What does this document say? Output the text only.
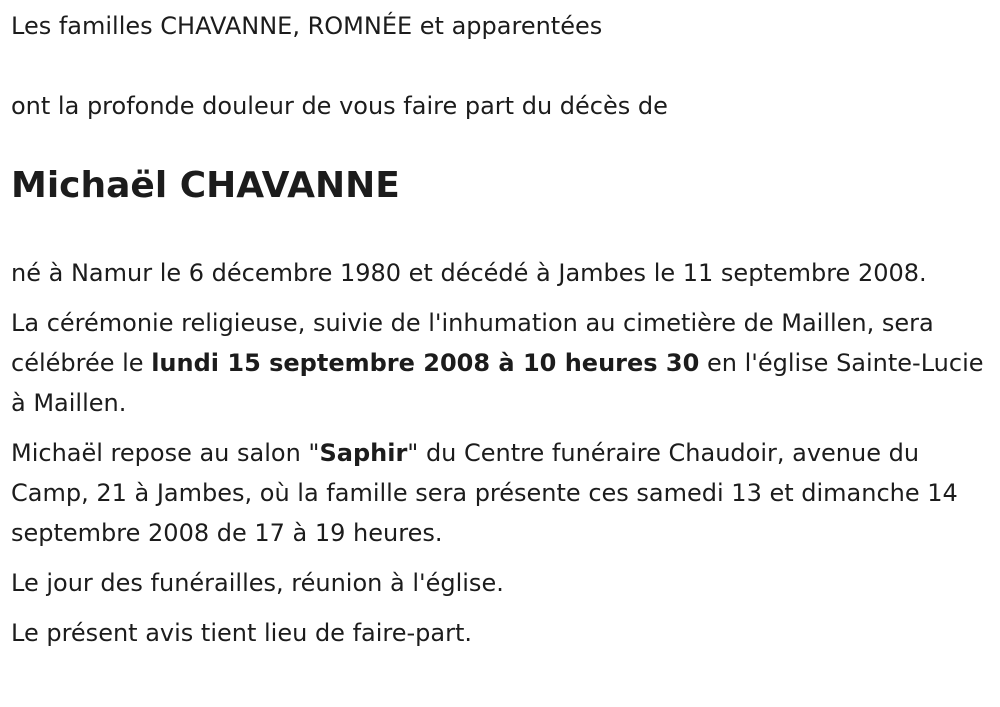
Les familles CHAVANNE, ROMNÉE et apparentées

ont la profonde douleur de vous faire part du décès de

Michaël CHAVANNE

né à Namur le 6 décembre 1980 et décédé à Jambes le 11 septembre 2008.

La cérémonie religieuse, suivie de l'inhumation au cimetière de Maillen, sera célébrée le lundi 15 septembre 2008 à 10 heures 30 en l'église Sainte-Lucie à Maillen.

Michaël repose au salon "Saphir" du Centre funéraire Chaudoir, avenue du Camp, 21 à Jambes, où la famille sera présente ces samedi 13 et dimanche 14 septembre 2008 de 17 à 19 heures.

Le jour des funérailles, réunion à l'église.

Le présent avis tient lieu de faire-part.
